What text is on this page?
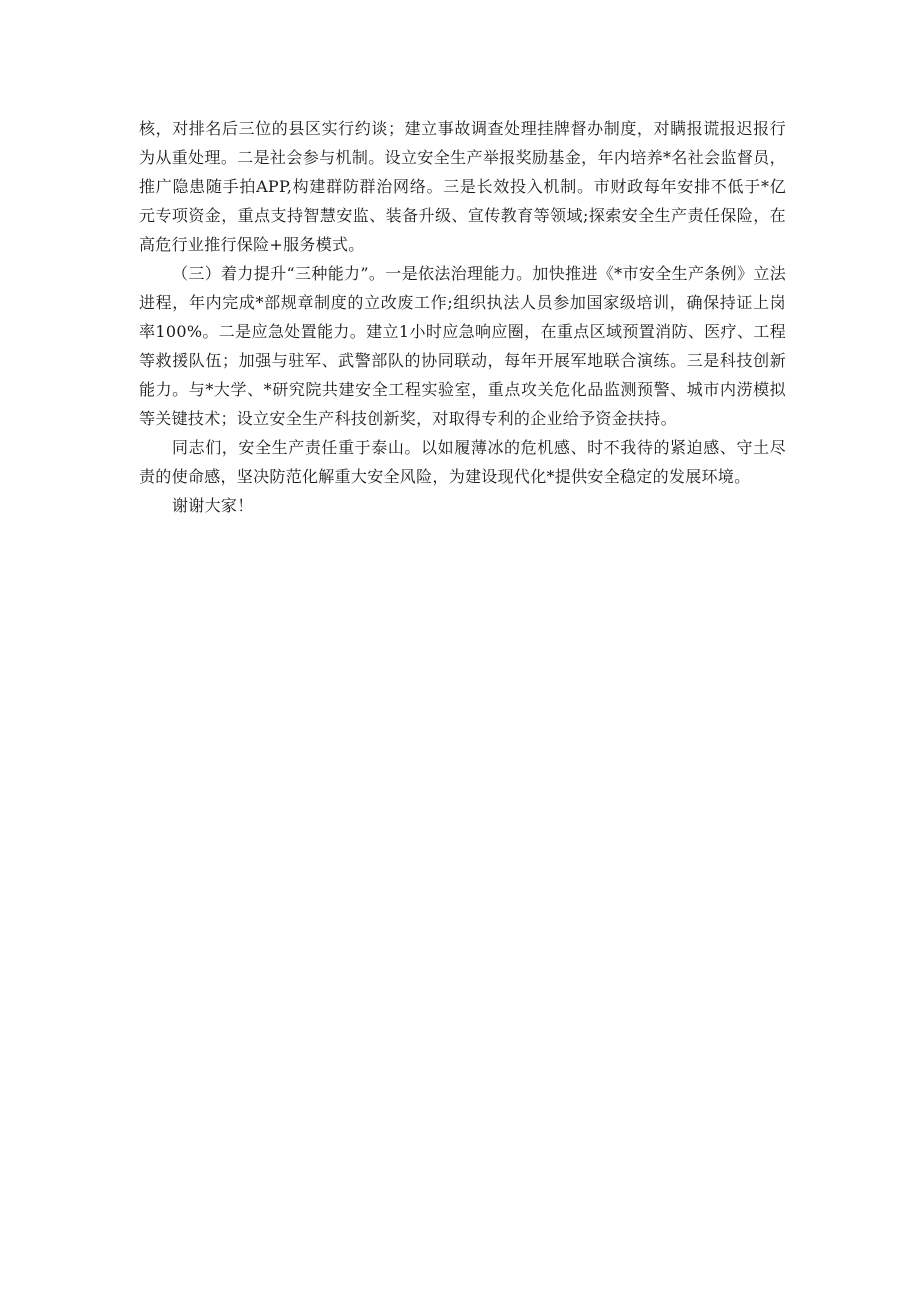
核，对排名后三位的县区实行约谈；建立事故调查处理挂牌督办制度，对瞒报谎报迟报行为从重处理。二是社会参与机制。设立安全生产举报奖励基金，年内培养*名社会监督员，推广隐患随手拍APP,构建群防群治网络。三是长效投入机制。市财政每年安排不低于*亿元专项资金，重点支持智慧安监、装备升级、宣传教育等领域;探索安全生产责任保险，在高危行业推行保险+服务模式。

（三）着力提升“三种能力”。一是依法治理能力。加快推进《*市安全生产条例》立法进程，年内完成*部规章制度的立改废工作;组织执法人员参加国家级培训，确保持证上岗率100%。二是应急处置能力。建立1小时应急响应圈，在重点区域预置消防、医疗、工程等救援队伍；加强与驻军、武警部队的协同联动，每年开展军地联合演练。三是科技创新能力。与*大学、*研究院共建安全工程实验室，重点攻关危化品监测预警、城市内涝模拟等关键技术；设立安全生产科技创新奖，对取得专利的企业给予资金扶持。

同志们，安全生产责任重于泰山。以如履薄冰的危机感、时不我待的紧迫感、守土尽责的使命感，坚决防范化解重大安全风险，为建设现代化*提供安全稳定的发展环境。

谢谢大家！
